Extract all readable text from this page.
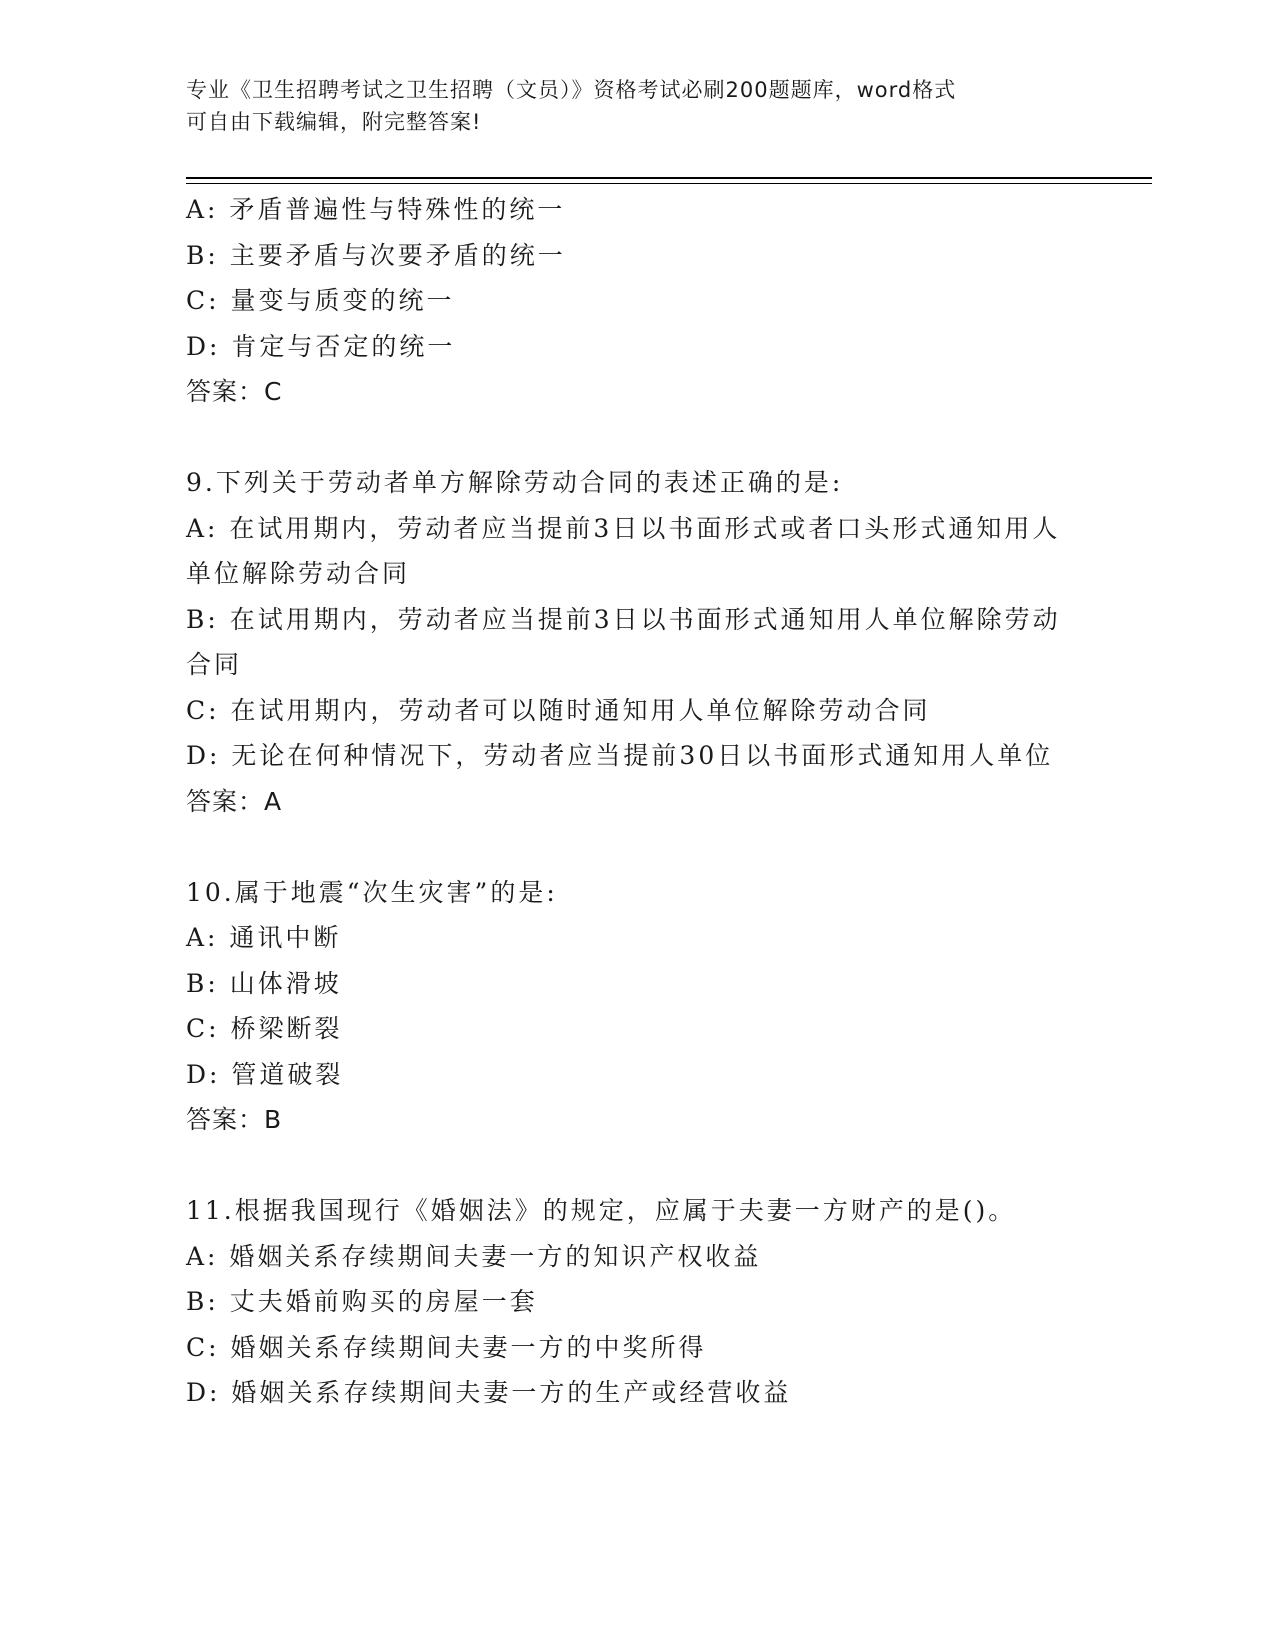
专业《卫生招聘考试之卫生招聘（文员）》资格考试必刷200题题库，word格式
可自由下载编辑，附完整答案!
A: 矛盾普遍性与特殊性的统一
B: 主要矛盾与次要矛盾的统一
C: 量变与质变的统一
D: 肯定与否定的统一
答案：C
9.下列关于劳动者单方解除劳动合同的表述正确的是:
A: 在试用期内，劳动者应当提前3日以书面形式或者口头形式通知用人单位解除劳动合同
B: 在试用期内，劳动者应当提前3日以书面形式通知用人单位解除劳动合同
C: 在试用期内，劳动者可以随时通知用人单位解除劳动合同
D: 无论在何种情况下，劳动者应当提前30日以书面形式通知用人单位
答案：A
10.属于地震“次生灾害”的是:
A: 通讯中断
B: 山体滑坡
C: 桥梁断裂
D: 管道破裂
答案：B
11.根据我国现行《婚姻法》的规定，应属于夫妻一方财产的是()。
A: 婚姻关系存续期间夫妻一方的知识产权收益
B: 丈夫婚前购买的房屋一套
C: 婚姻关系存续期间夫妻一方的中奖所得
D: 婚姻关系存续期间夫妻一方的生产或经营收益
